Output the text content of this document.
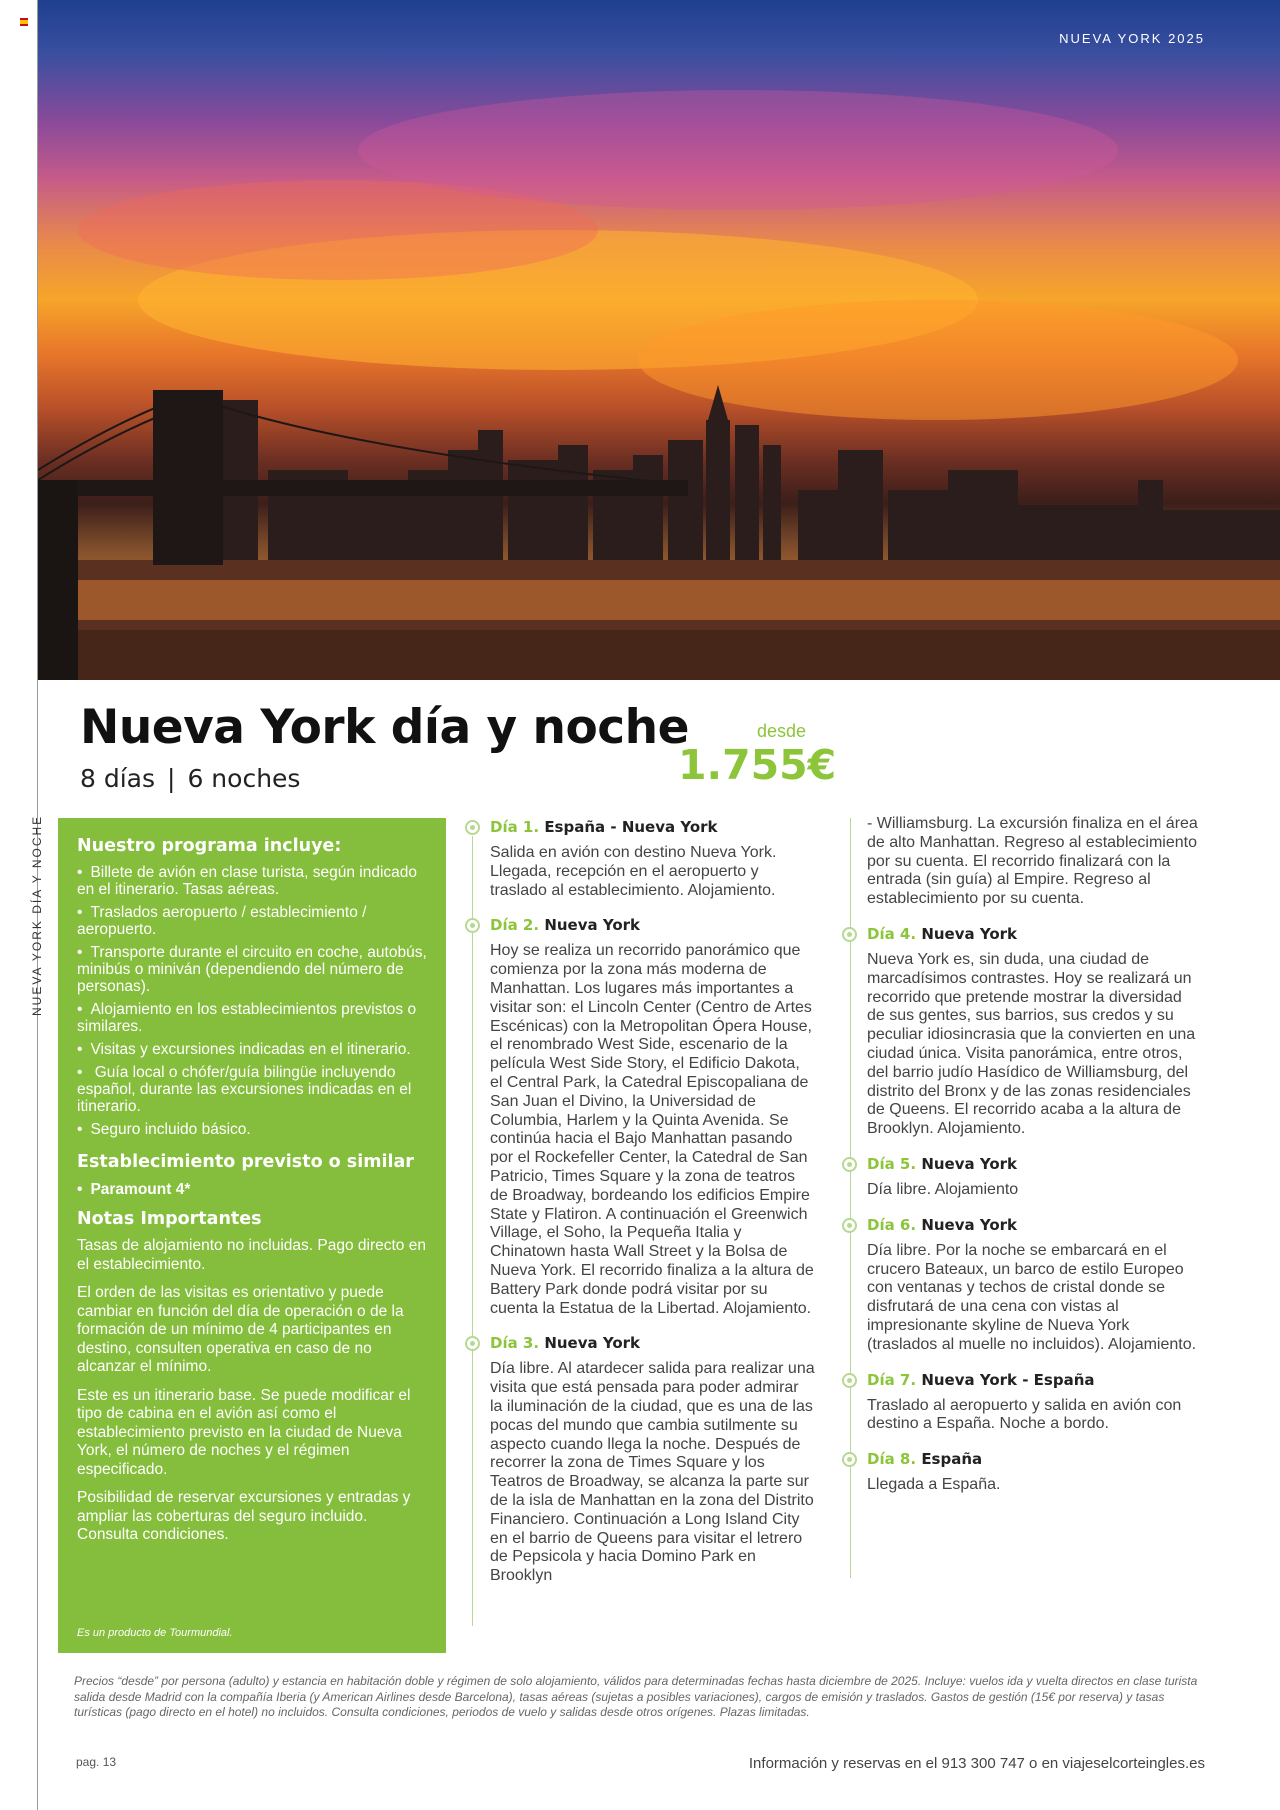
NUEVA YORK 2025
NUEVA YORK DÍA Y NOCHE
Nueva York día y noche
8 días | 6 noches
desde
1.755€
Nuestro programa incluye:
• Billete de avión en clase turista, según indicado en el itinerario. Tasas aéreas.
• Traslados aeropuerto / establecimiento / aeropuerto.
• Transporte durante el circuito en coche, autobús, minibús o miniván (dependiendo del número de personas).
• Alojamiento en los establecimientos previstos o similares.
• Visitas y excursiones indicadas en el itinerario.
• Guía local o chófer/guía bilingüe incluyendo español, durante las excursiones indicadas en el itinerario.
• Seguro incluido básico.
Establecimiento previsto o similar
• Paramount 4*
Notas Importantes

Tasas de alojamiento no incluidas. Pago directo en el establecimiento.

El orden de las visitas es orientativo y puede cambiar en función del día de operación o de la formación de un mínimo de 4 participantes en destino, consulten operativa en caso de no alcanzar el mínimo.

Este es un itinerario base. Se puede modificar el tipo de cabina en el avión así como el establecimiento previsto en la ciudad de Nueva York, el número de noches y el régimen especificado.

Posibilidad de reservar excursiones y entradas y ampliar las coberturas del seguro incluido. Consulta condiciones.

Es un producto de Tourmundial.
Día 1. España - Nueva York
Salida en avión con destino Nueva York. Llegada, recepción en el aeropuerto y traslado al establecimiento. Alojamiento.
Día 2. Nueva York
Hoy se realiza un recorrido panorámico que comienza por la zona más moderna de Manhattan. Los lugares más importantes a visitar son: el Lincoln Center (Centro de Artes Escénicas) con la Metropolitan Ópera House, el renombrado West Side, escenario de la película West Side Story, el Edificio Dakota, el Central Park, la Catedral Episcopaliana de San Juan el Divino, la Universidad de Columbia, Harlem y la Quinta Avenida. Se continúa hacia el Bajo Manhattan pasando por el Rockefeller Center, la Catedral de San Patricio, Times Square y la zona de teatros de Broadway, bordeando los edificios Empire State y Flatiron. A continuación el Greenwich Village, el Soho, la Pequeña Italia y Chinatown hasta Wall Street y la Bolsa de Nueva York. El recorrido finaliza a la altura de Battery Park donde podrá visitar por su cuenta la Estatua de la Libertad. Alojamiento.
Día 3. Nueva York
Día libre. Al atardecer salida para realizar una visita que está pensada para poder admirar la iluminación de la ciudad, que es una de las pocas del mundo que cambia sutilmente su aspecto cuando llega la noche. Después de recorrer la zona de Times Square y los Teatros de Broadway, se alcanza la parte sur de la isla de Manhattan en la zona del Distrito Financiero. Continuación a Long Island City en el barrio de Queens para visitar el letrero de Pepsicola y hacia Domino Park en Brooklyn
- Williamsburg. La excursión finaliza en el área de alto Manhattan. Regreso al establecimiento por su cuenta. El recorrido finalizará con la entrada (sin guía) al Empire. Regreso al establecimiento por su cuenta.
Día 4. Nueva York
Nueva York es, sin duda, una ciudad de marcadísimos contrastes. Hoy se realizará un recorrido que pretende mostrar la diversidad de sus gentes, sus barrios, sus credos y su peculiar idiosincrasia que la convierten en una ciudad única. Visita panorámica, entre otros, del barrio judío Hasídico de Williamsburg, del distrito del Bronx y de las zonas residenciales de Queens. El recorrido acaba a la altura de Brooklyn. Alojamiento.
Día 5. Nueva York
Día libre. Alojamiento
Día 6. Nueva York
Día libre. Por la noche se embarcará en el crucero Bateaux, un barco de estilo Europeo con ventanas y techos de cristal donde se disfrutará de una cena con vistas al impresionante skyline de Nueva York (traslados al muelle no incluidos). Alojamiento.
Día 7. Nueva York - España
Traslado al aeropuerto y salida en avión con destino a España. Noche a bordo.
Día 8. España
Llegada a España.
Precios “desde” por persona (adulto) y estancia en habitación doble y régimen de solo alojamiento, válidos para determinadas fechas hasta diciembre de 2025. Incluye: vuelos ida y vuelta directos en clase turista salida desde Madrid con la compañía Iberia (y American Airlines desde Barcelona), tasas aéreas (sujetas a posibles variaciones), cargos de emisión y traslados. Gastos de gestión (15€ por reserva) y tasas turísticas (pago directo en el hotel) no incluidos. Consulta condiciones, periodos de vuelo y salidas desde otros orígenes. Plazas limitadas.
pag. 13	Información y reservas en el 913 300 747 o en viajeselcorteingles.es
